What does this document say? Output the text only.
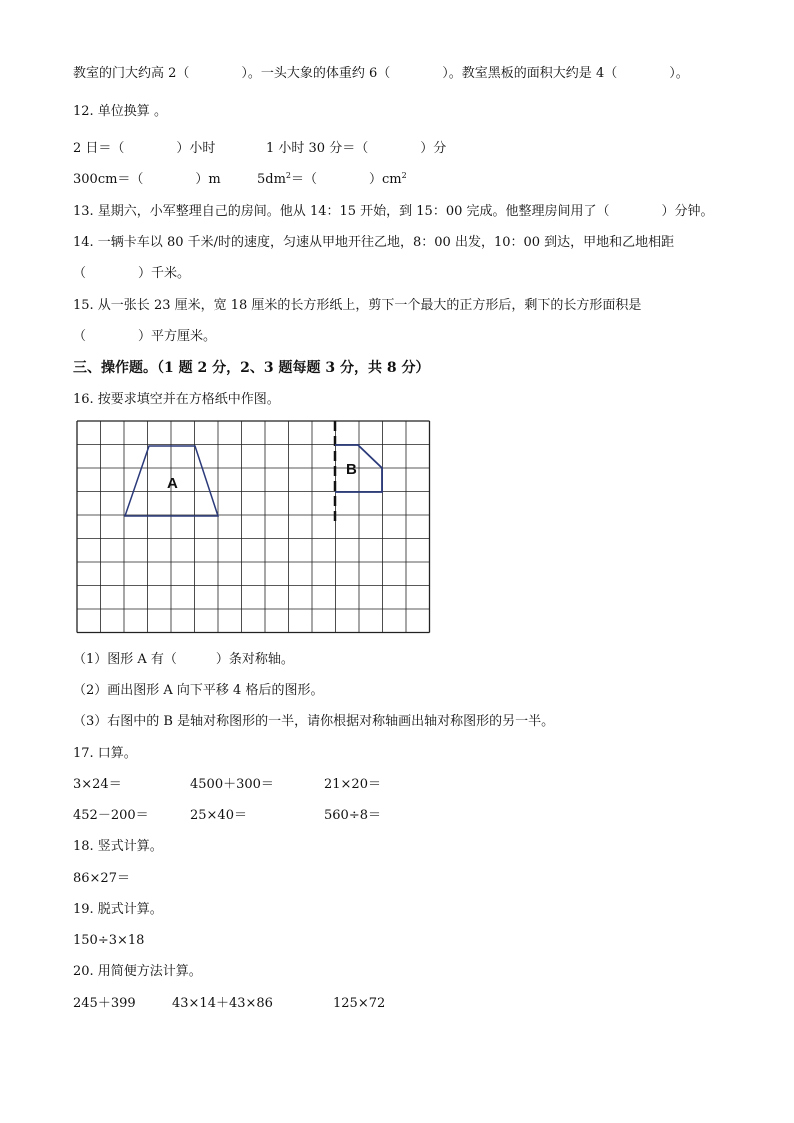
教室的门大约高 2（　　　　）。一头大象的体重约 6（　　　　）。教室黑板的面积大约是 4（　　　　）。
12. 单位换算 。
2 日＝（　　　　）小时	1 小时 30 分＝（　　　　）分
300cm＝（　　　　）m	$5dm^2=$（　　　　）$cm^2$
13. 星期六，小军整理自己的房间。他从 14：15 开始，到 15：00 完成。他整理房间用了（　　　　）分钟。
14. 一辆卡车以 80 千米/时的速度，匀速从甲地开往乙地，8：00 出发，10：00 到达，甲地和乙地相距
（　　　　）千米。
15. 从一张长 23 厘米，宽 18 厘米的长方形纸上，剪下一个最大的正方形后，剩下的长方形面积是
（　　　　）平方厘米。
三、操作题。（1 题 2 分，2、3 题每题 3 分，共 8 分）
16. 按要求填空并在方格纸中作图。
A
B
（1）图形 A 有（　　　）条对称轴。
（2）画出图形 A 向下平移 4 格后的图形。
（3）右图中的 B 是轴对称图形的一半，请你根据对称轴画出轴对称图形的另一半。
17. 口算。
3×24＝	4500＋300＝	21×20＝
452－200＝	25×40＝	560÷8＝
18. 竖式计算。
86×27＝
19. 脱式计算。
150÷3×18
20. 用简便方法计算。
245＋399	43×14＋43×86	125×72
